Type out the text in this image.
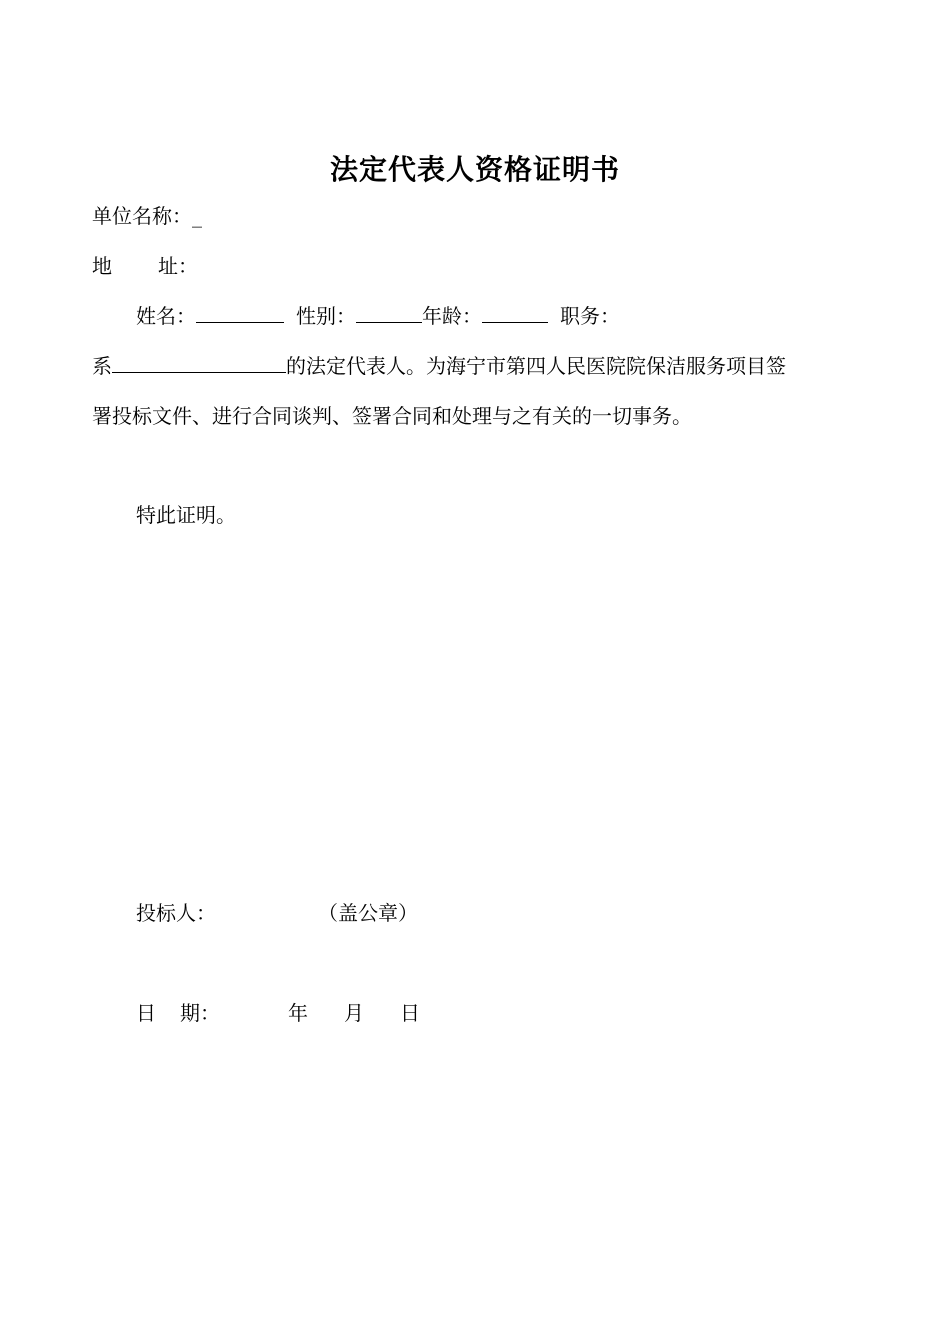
法定代表人资格证明书
单位名称：_
地 址：
姓名：	性别：	年龄：	职务：
系	的法定代表人。为海宁市第四人民医院院保洁服务项目签
署投标文件、进行合同谈判、签署合同和处理与之有关的一切事务。
特此证明。
投标人：	（盖公章）
日 期：	年 月 日
